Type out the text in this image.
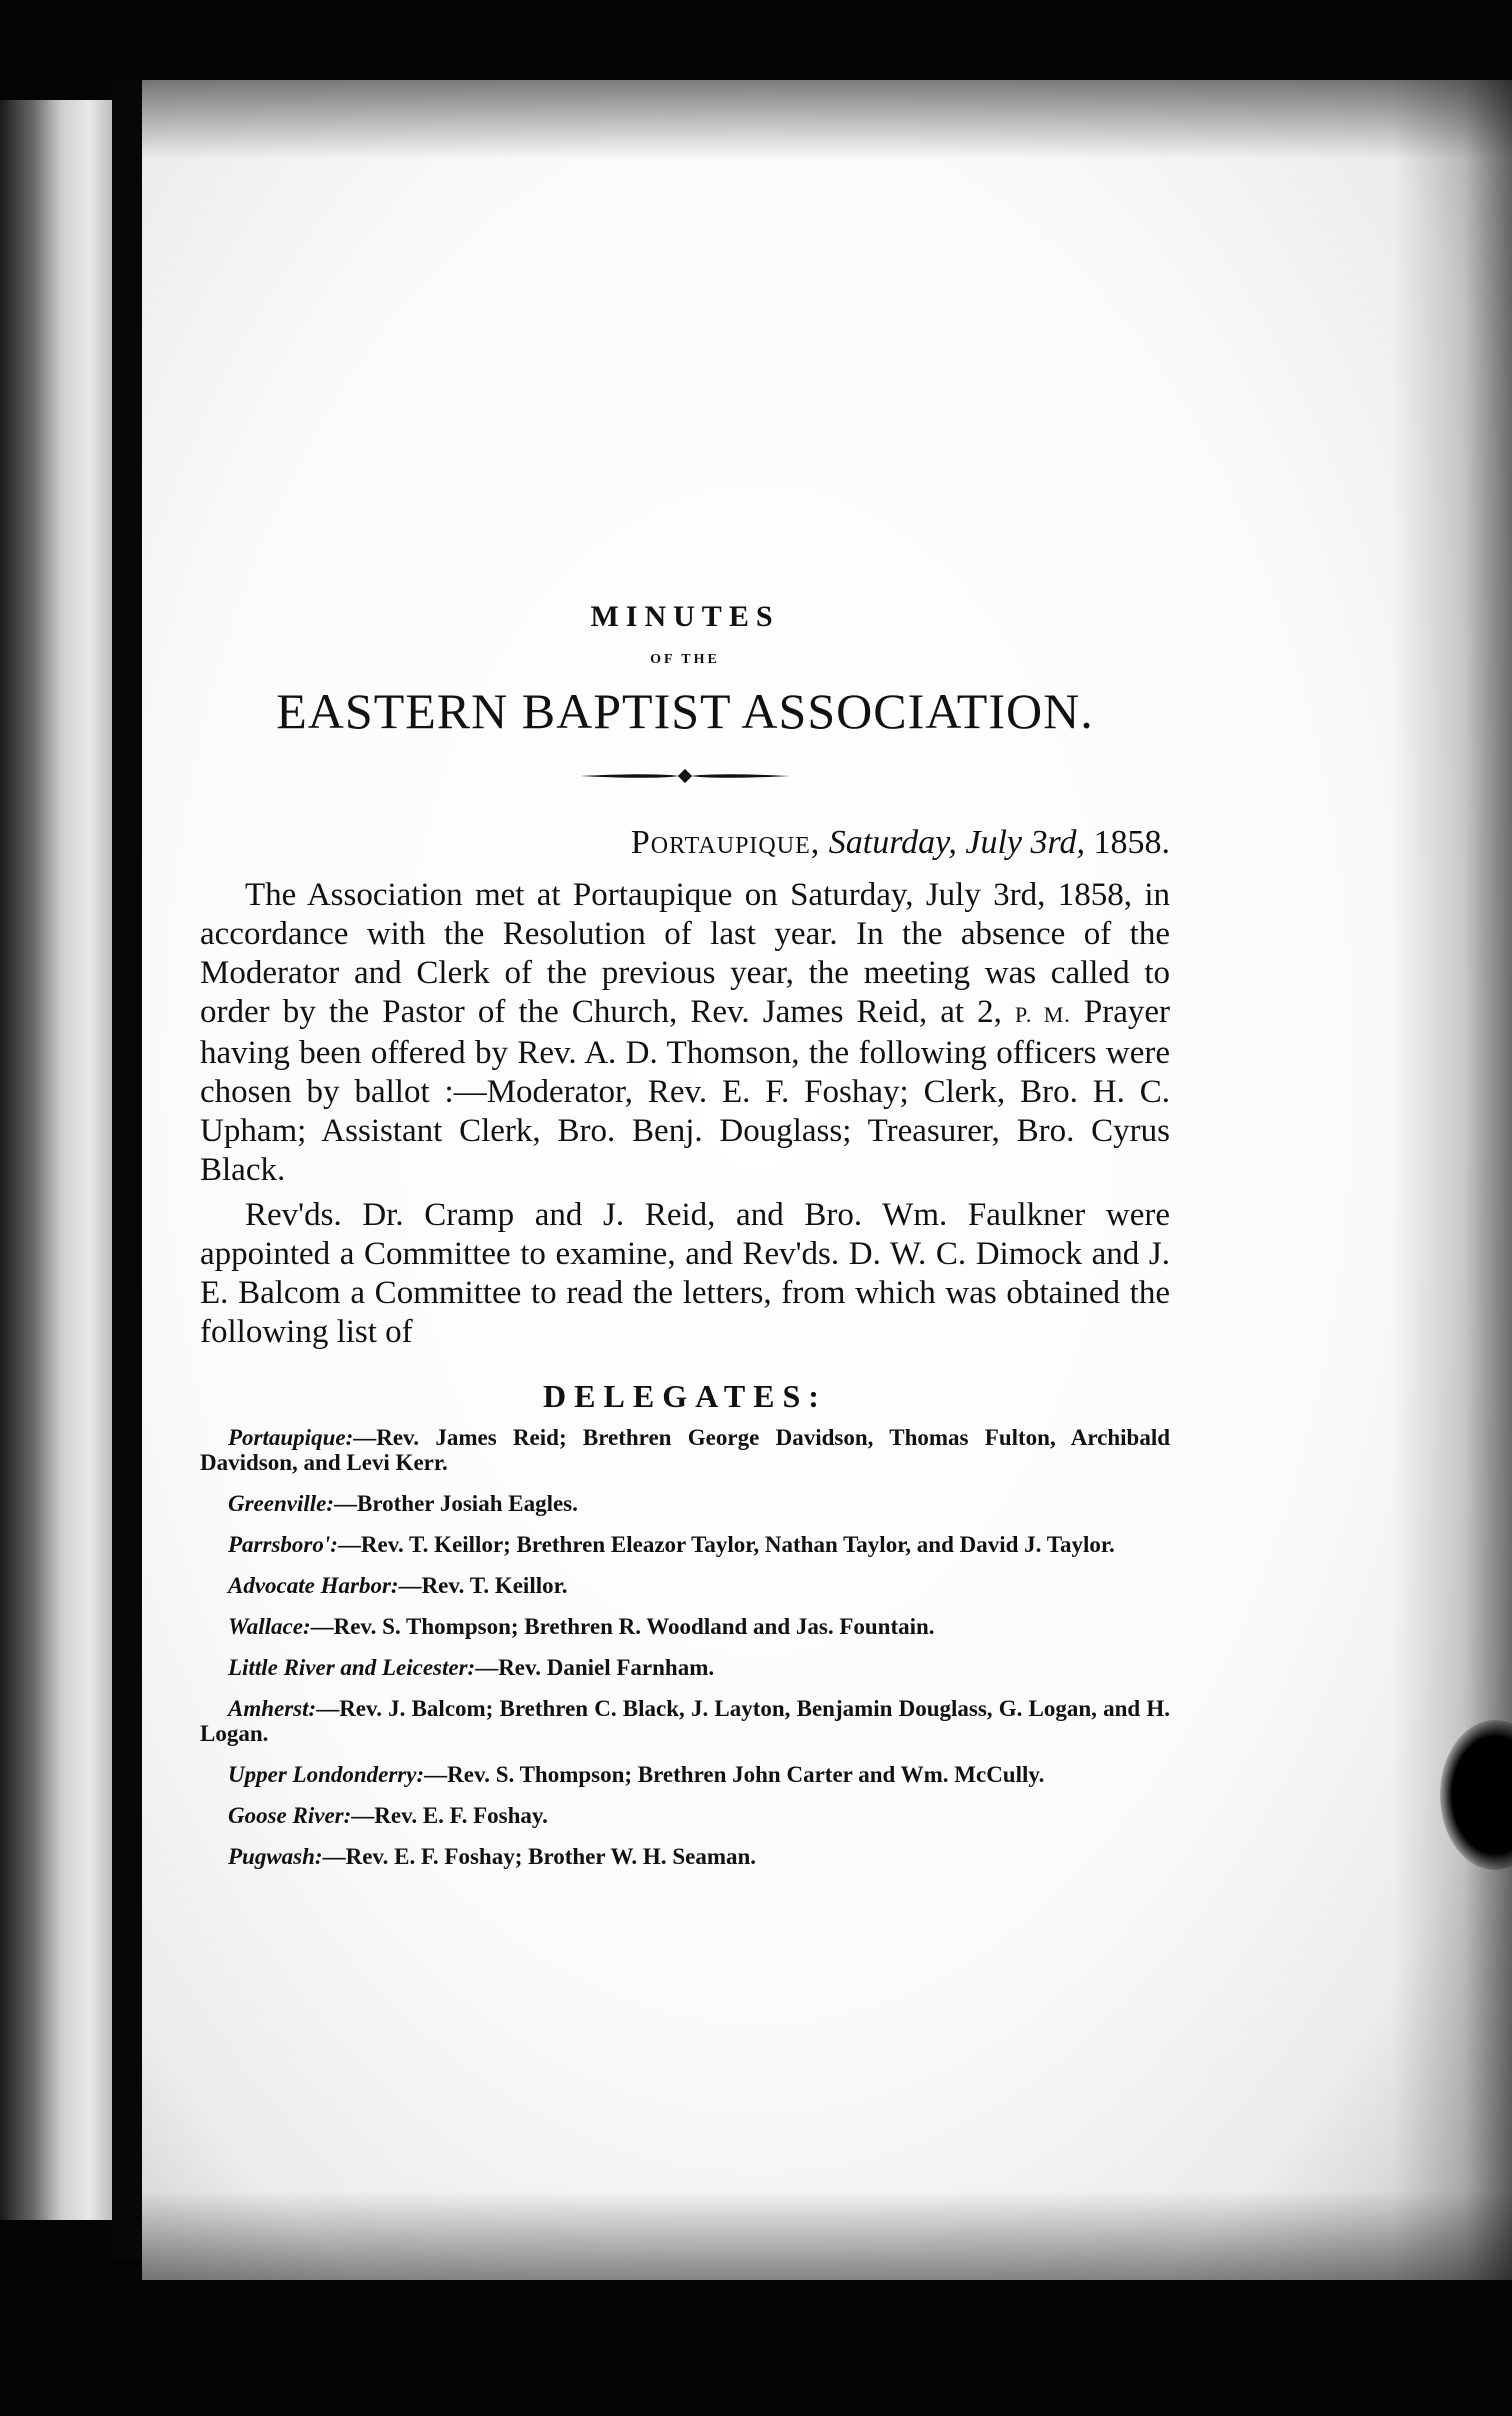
MINUTES
OF THE
EASTERN BAPTIST ASSOCIATION.
Portaupique, Saturday, July 3rd, 1858.

The Association met at Portaupique on Saturday, July 3rd, 1858, in accordance with the Resolution of last year. In the absence of the Moderator and Clerk of the previous year, the meeting was called to order by the Pastor of the Church, Rev. James Reid, at 2, P. M. Prayer having been offered by Rev. A. D. Thomson, the following officers were chosen by ballot :—Moderator, Rev. E. F. Foshay; Clerk, Bro. H. C. Upham; Assistant Clerk, Bro. Benj. Douglass; Treasurer, Bro. Cyrus Black.

Rev'ds. Dr. Cramp and J. Reid, and Bro. Wm. Faulkner were appointed a Committee to examine, and Rev'ds. D. W. C. Dimock and J. E. Balcom a Committee to read the letters, from which was obtained the following list of

DELEGATES:

Portaupique:—Rev. James Reid; Brethren George Davidson, Thomas Fulton, Archibald Davidson, and Levi Kerr.

Greenville:—Brother Josiah Eagles.

Parrsboro':—Rev. T. Keillor; Brethren Eleazor Taylor, Nathan Taylor, and David J. Taylor.

Advocate Harbor:—Rev. T. Keillor.

Wallace:—Rev. S. Thompson; Brethren R. Woodland and Jas. Fountain.

Little River and Leicester:—Rev. Daniel Farnham.

Amherst:—Rev. J. Balcom; Brethren C. Black, J. Layton, Benjamin Douglass, G. Logan, and H. Logan.

Upper Londonderry:—Rev. S. Thompson; Brethren John Carter and Wm. McCully.

Goose River:—Rev. E. F. Foshay.

Pugwash:—Rev. E. F. Foshay; Brother W. H. Seaman.
